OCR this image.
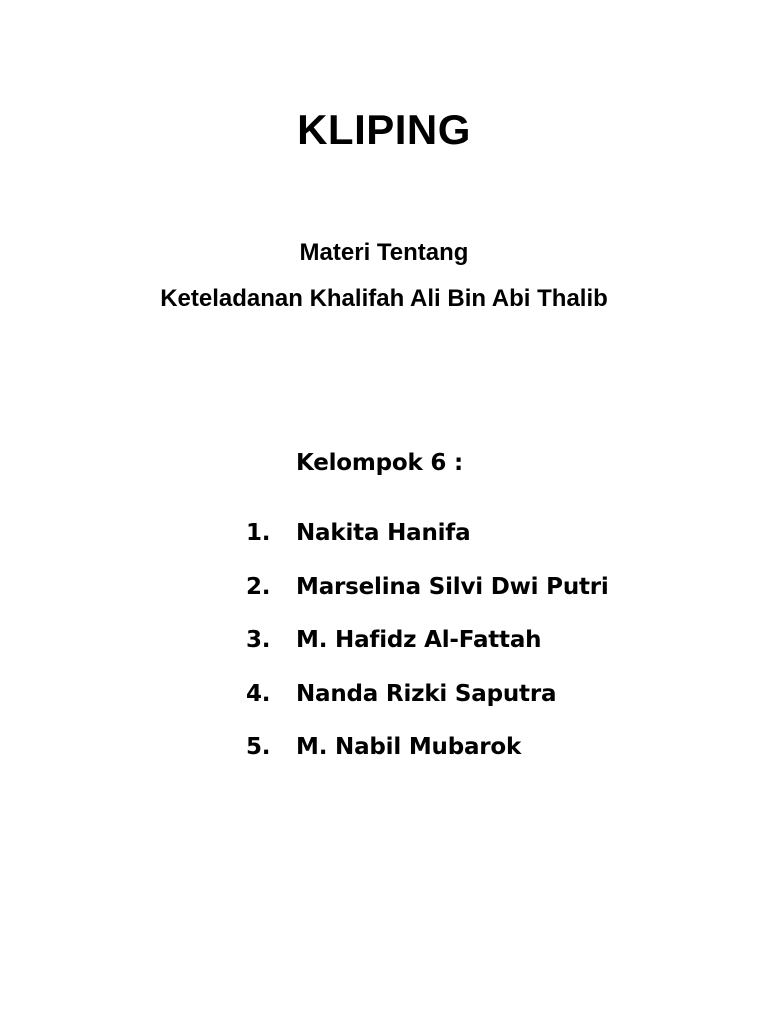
KLIPING
Materi Tentang
Keteladanan Khalifah Ali Bin Abi Thalib
Kelompok 6 :
1.	Nakita Hanifa
2.	Marselina Silvi Dwi Putri
3.	M. Hafidz Al-Fattah
4.	Nanda Rizki Saputra
5.	M. Nabil Mubarok
